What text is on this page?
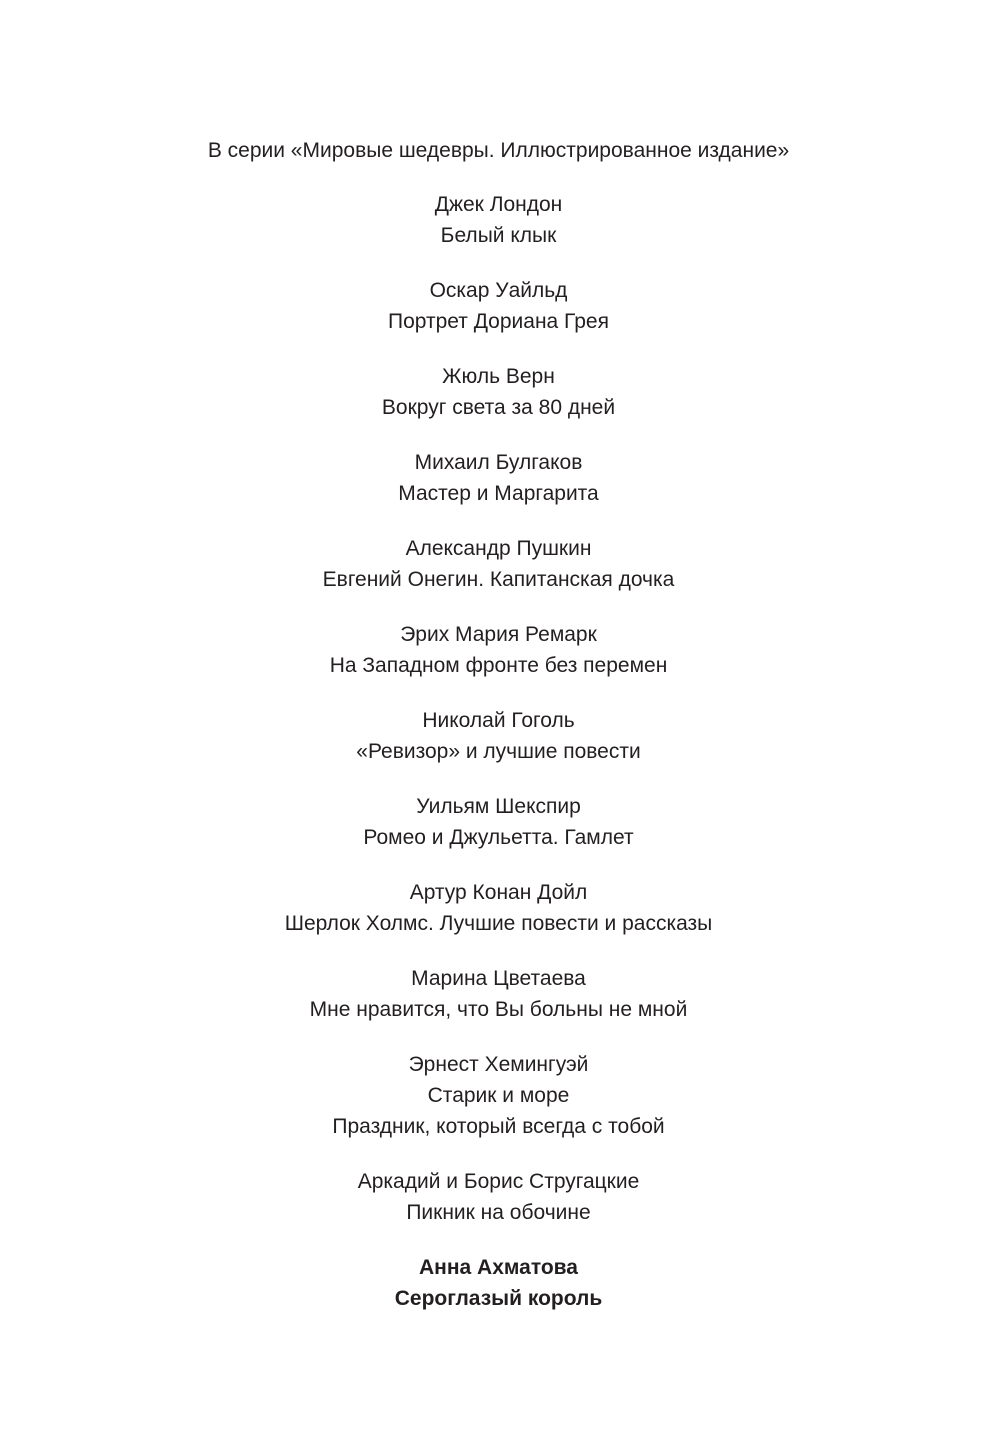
В серии «Мировые шедевры. Иллюстрированное издание»

Джек Лондон
Белый клык
Оскар Уайльд
Портрет Дориана Грея
Жюль Верн
Вокруг света за 80 дней
Михаил Булгаков
Мастер и Маргарита
Александр Пушкин
Евгений Онегин. Капитанская дочка
Эрих Мария Ремарк
На Западном фронте без перемен
Николай Гоголь
«Ревизор» и лучшие повести
Уильям Шекспир
Ромео и Джульетта. Гамлет
Артур Конан Дойл
Шерлок Холмс. Лучшие повести и рассказы
Марина Цветаева
Мне нравится, что Вы больны не мной
Эрнест Хемингуэй
Старик и море
Праздник, который всегда с тобой
Аркадий и Борис Стругацкие
Пикник на обочине
Анна Ахматова
Сероглазый король
